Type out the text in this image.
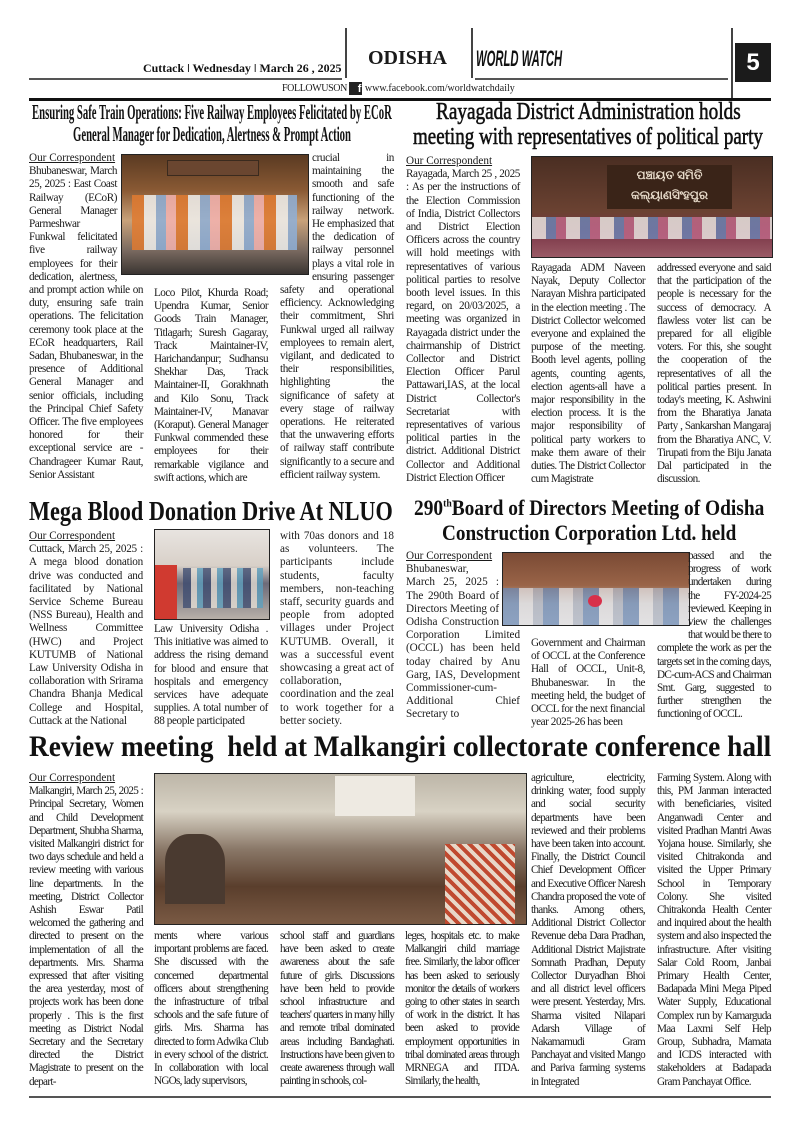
Cuttack ǀ Wednesday ǀ March 26 , 2025 ODISHA WORLD WATCH	5
FOLLOWUSON f www.facebook.com/worldwatchdaily
Ensuring Safe Train Operations: Five Railway Employees Felicitated by ECoR
General Manager for Dedication, Alertness & Prompt Action
Our Correspondent
Bhubaneswar, March 25, 2025 : East Coast Railway (ECoR) General Manager Parmeshwar Funkwal felicitated five railway employees for their dedication, alertness, and prompt action while on duty, ensuring safe train operations. The felicitation ceremony took place at the ECoR headquarters, Rail Sadan, Bhubaneswar, in the presence of Additional General Manager and senior officials, including the Principal Chief Safety Officer. The five employees honored for their exceptional service are -Chandrageer Kumar Raut, Senior Assistant
Loco Pilot, Khurda Road; Upendra Kumar, Senior Goods Train Manager, Titlagarh; Suresh Gagaray, Track Maintainer-IV, Harichandanpur; Sudhansu Shekhar Das, Track Maintainer-II, Gorakhnath and Kilo Sonu, Track Maintainer-IV, Manavar (Koraput). General Manager Funkwal commended these employees for their remarkable vigilance and swift actions, which are
crucial in maintaining the smooth and safe functioning of the railway network. He emphasized that the dedication of railway personnel plays a vital role in ensuring passenger safety and operational efficiency. Acknowledging their commitment, Shri Funkwal urged all railway employees to remain alert, vigilant, and dedicated to their responsibilities, highlighting the significance of safety at every stage of railway operations. He reiterated that the unwavering efforts of railway staff contribute significantly to a secure and efficient railway system.
Rayagada District Administration holds
meeting with representatives of political party
Our Correspondent
Rayagada, March 25 , 2025 : As per the instructions of the Election Commission of India, District Collectors and District Election Officers across the country will hold meetings with representatives of various political parties to resolve booth level issues. In this regard, on 20/03/2025, a meeting was organized in Rayagada district under the chairmanship of District Collector and District Election Officer Parul Pattawari,IAS, at the local District Collector's Secretariat with representatives of various political parties in the district. Additional District Collector and Additional District Election Officer
ପଞ୍ଚାୟତ ସମିତି
କଲ୍ୟାଣସିଂହପୁର
Rayagada ADM Naveen Nayak, Deputy Collector Narayan Mishra participated in the election meeting . The District Collector welcomed everyone and explained the purpose of the meeting. Booth level agents, polling agents, counting agents, election agents-all have a major responsibility in the election process. It is the major responsibility of political party workers to make them aware of their duties. The District Collector cum Magistrate
addressed everyone and said that the participation of the people is necessary for the success of democracy. A flawless voter list can be prepared for all eligible voters. For this, she sought the cooperation of the representatives of all the political parties present. In today's meeting, K. Ashwini from the Bharatiya Janata Party , Sankarshan Mangaraj from the Bharatiya ANC, V. Tirupati from the Biju Janata Dal participated in the discussion.
Mega Blood Donation Drive At NLUO
Our Correspondent
Cuttack, March 25, 2025 : A mega blood donation drive was conducted and facilitated by National Service Scheme Bureau (NSS Bureau), Health and Wellness Committee (HWC) and Project KUTUMB of National Law University Odisha in collaboration with Srirama Chandra Bhanja Medical College and Hospital, Cuttack at the National
Law University Odisha . This initiative was aimed to address the rising demand for blood and ensure that hospitals and emergency services have adequate supplies. A total number of 88 people participated
with 70as donors and 18 as volunteers. The participants include students, faculty members, non-teaching staff, security guards and people from adopted villages under Project KUTUMB. Overall, it was a successful event showcasing a great act of collaboration, coordination and the zeal to work together for a better society.
290thBoard of Directors Meeting of Odisha
Construction Corporation Ltd. held
Our Correspondent
Bhubaneswar, March 25, 2025 : The 290th Board of Directors Meeting of Odisha Construction Corporation Limited (OCCL) has been held today chaired by Anu Garg, IAS, Development Commissioner-cum-Additional Chief Secretary to
Government and Chairman of OCCL at the Conference Hall of OCCL, Unit-8, Bhubaneswar. In the meeting held, the budget of OCCL for the next financial year 2025-26 has been
passed and the progress of work undertaken during the FY-2024-25 reviewed. Keeping in view the challenges that would be there to complete the work as per the targets set in the coming days, DC-cum-ACS and Chairman Smt. Garg, suggested to further strengthen the functioning of OCCL.
Review meeting  held at Malkangiri collectorate conference hall
Our Correspondent
Malkangiri, March 25, 2025 : Principal Secretary, Women and Child Development Department, Shubha Sharma, visited Malkangiri district for two days schedule and held a review meeting with various line departments. In the meeting, District Collector Ashish Eswar Patil welcomed the gathering and directed to present on the implementation of all the departments. Mrs. Sharma expressed that after visiting the area yesterday, most of projects work has been done properly . This is the first meeting as District Nodal Secretary and the Secretary directed the District Magistrate to present on the depart-
ments where various important problems are faced. She discussed with the concerned departmental officers about strengthening the infrastructure of tribal schools and the safe future of girls. Mrs. Sharma has directed to form Adwika Club in every school of the district. In collaboration with local NGOs, lady supervisors,
school staff and guardians have been asked to create awareness about the safe future of girls. Discussions have been held to provide school infrastructure and teachers' quarters in many hilly and remote tribal dominated areas including Bandaghati. Instructions have been given to create awareness through wall painting in schools, col-
leges, hospitals etc. to make Malkangiri child marriage free. Similarly, the labor officer has been asked to seriously monitor the details of workers going to other states in search of work in the district. It has been asked to provide employment opportunities in tribal dominated areas through MRNEGA and ITDA. Similarly, the health,
agriculture, electricity, drinking water, food supply and social security departments have been reviewed and their problems have been taken into account. Finally, the District Council Chief Development Officer and Executive Officer Naresh Chandra proposed the vote of thanks. Among others, Additional District Collector Revenue deba Dara Pradhan, Additional District Majistrate Somnath Pradhan, Deputy Collector Duryadhan Bhoi and all district level officers were present. Yesterday, Mrs. Sharma visited Nilapari Adarsh Village of Nakamamudi Gram Panchayat and visited Mango and Pariva farming systems in Integrated
Farming System. Along with this, PM Janman interacted with beneficiaries, visited Anganwadi Center and visited Pradhan Mantri Awas Yojana house. Similarly, she visited Chitrakonda and visited the Upper Primary School in Temporary Colony. She visited Chitrakonda Health Center and inquired about the health system and also inspected the infrastructure. After visiting Salar Cold Room, Janbai Primary Health Center, Badapada Mini Mega Piped Water Supply, Educational Complex run by Kamarguda Maa Laxmi Self Help Group, Subhadra, Mamata and ICDS interacted with stakeholders at Badapada Gram Panchayat Office.
